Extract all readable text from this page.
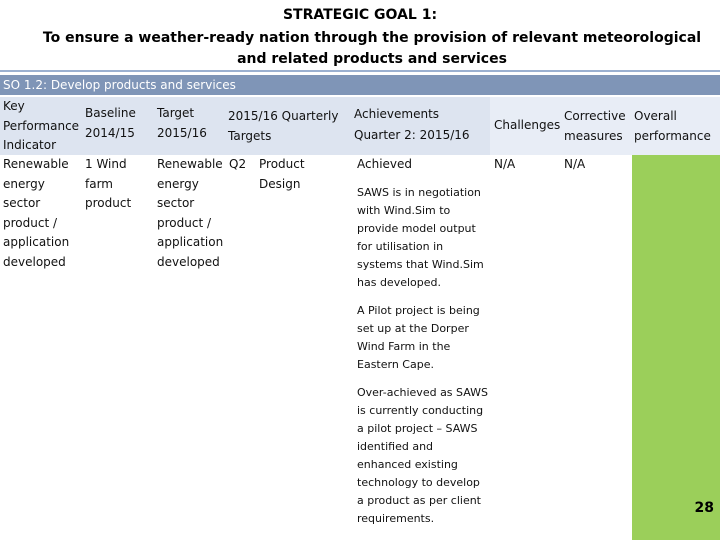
STRATEGIC GOAL 1:
To ensure a weather-ready nation through the provision of relevant meteorological and related products and services
SO 1.2: Develop products and services
Key Performance Indicator
Baseline 2014/15
Target 2015/16
2015/16 Quarterly Targets
Achievements Quarter 2: 2015/16
Challenges
Corrective measures
Overall performance
Renewable energy sector product / application developed
1 Wind farm product
Renewable energy sector product / application developed
Q2 Product Design
Achieved
SAWS is in negotiation with Wind.Sim to provide model output for utilisation in systems that Wind.Sim has developed.
A Pilot project is being set up at the Dorper Wind Farm in the Eastern Cape.
Over-achieved as SAWS is currently conducting a pilot project – SAWS identified and enhanced existing technology to develop a product as per client requirements.
N/A	N/A
28
